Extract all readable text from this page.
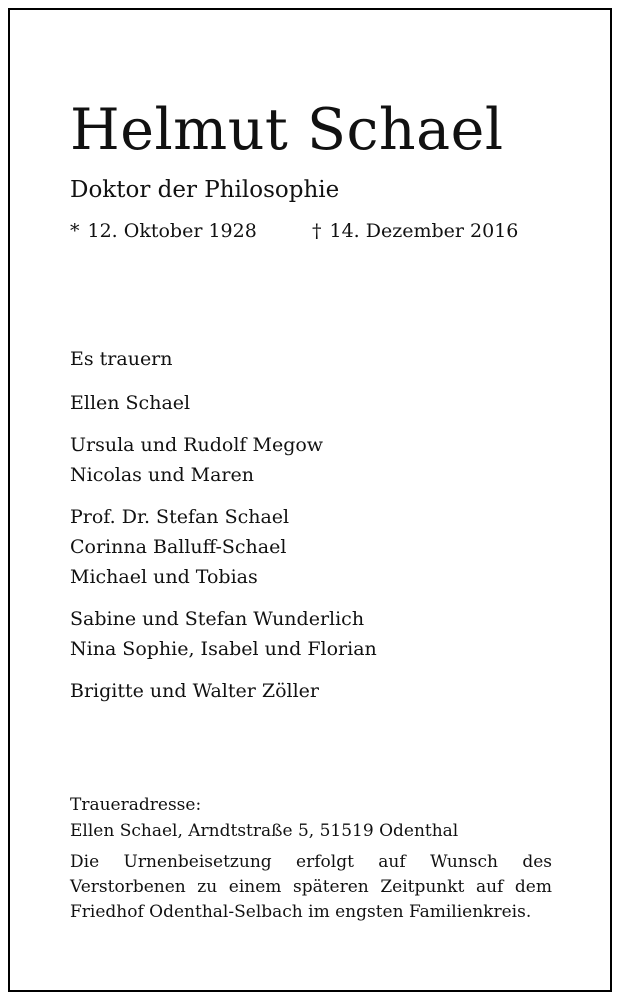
Helmut Schael
Doktor der Philosophie
* 12. Oktober 1928	† 14. Dezember 2016
Es trauern
Ellen Schael
Ursula und Rudolf Megow
Nicolas und Maren
Prof. Dr. Stefan Schael
Corinna Balluff-Schael
Michael und Tobias
Sabine und Stefan Wunderlich
Nina Sophie, Isabel und Florian
Brigitte und Walter Zöller
Traueradresse:
Ellen Schael, Arndtstraße 5, 51519 Odenthal
Die Urnenbeisetzung erfolgt auf Wunsch des Verstorbenen zu einem späteren Zeitpunkt auf dem Friedhof Odenthal-Selbach im engsten Familienkreis.
